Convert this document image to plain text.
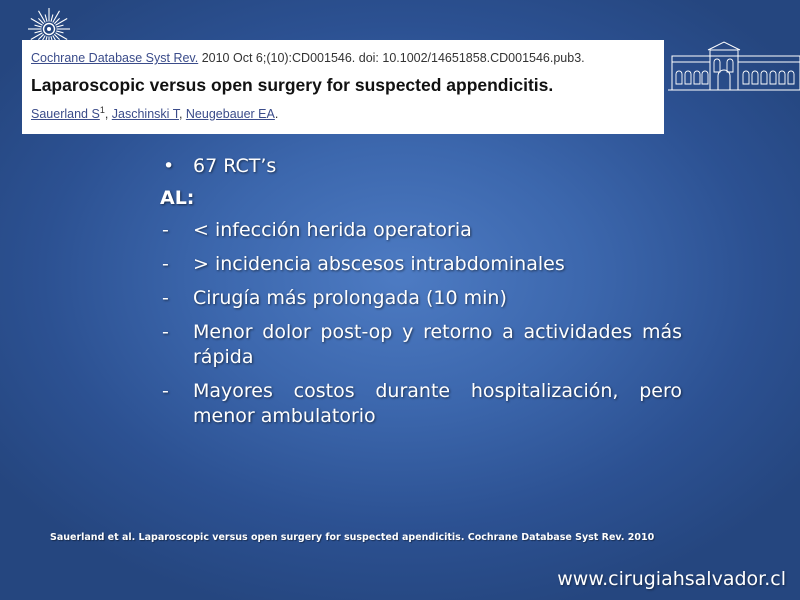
Cochrane Database Syst Rev. 2010 Oct 6;(10):CD001546. doi: 10.1002/14651858.CD001546.pub3.
Laparoscopic versus open surgery for suspected appendicitis.
Sauerland $S^1$, Jaschinski T, Neugebauer EA.
• 67 RCT’s
AL:
- < infección herida operatoria
- > incidencia abscesos intrabdominales
- Cirugía más prolongada (10 min)
- Menor dolor post-op y retorno a actividades más rápida
- Mayores costos durante hospitalización, pero menor ambulatorio
Sauerland et al. Laparoscopic versus open surgery for suspected apendicitis. Cochrane Database Syst Rev. 2010
www.cirugiahsalvador.cl
